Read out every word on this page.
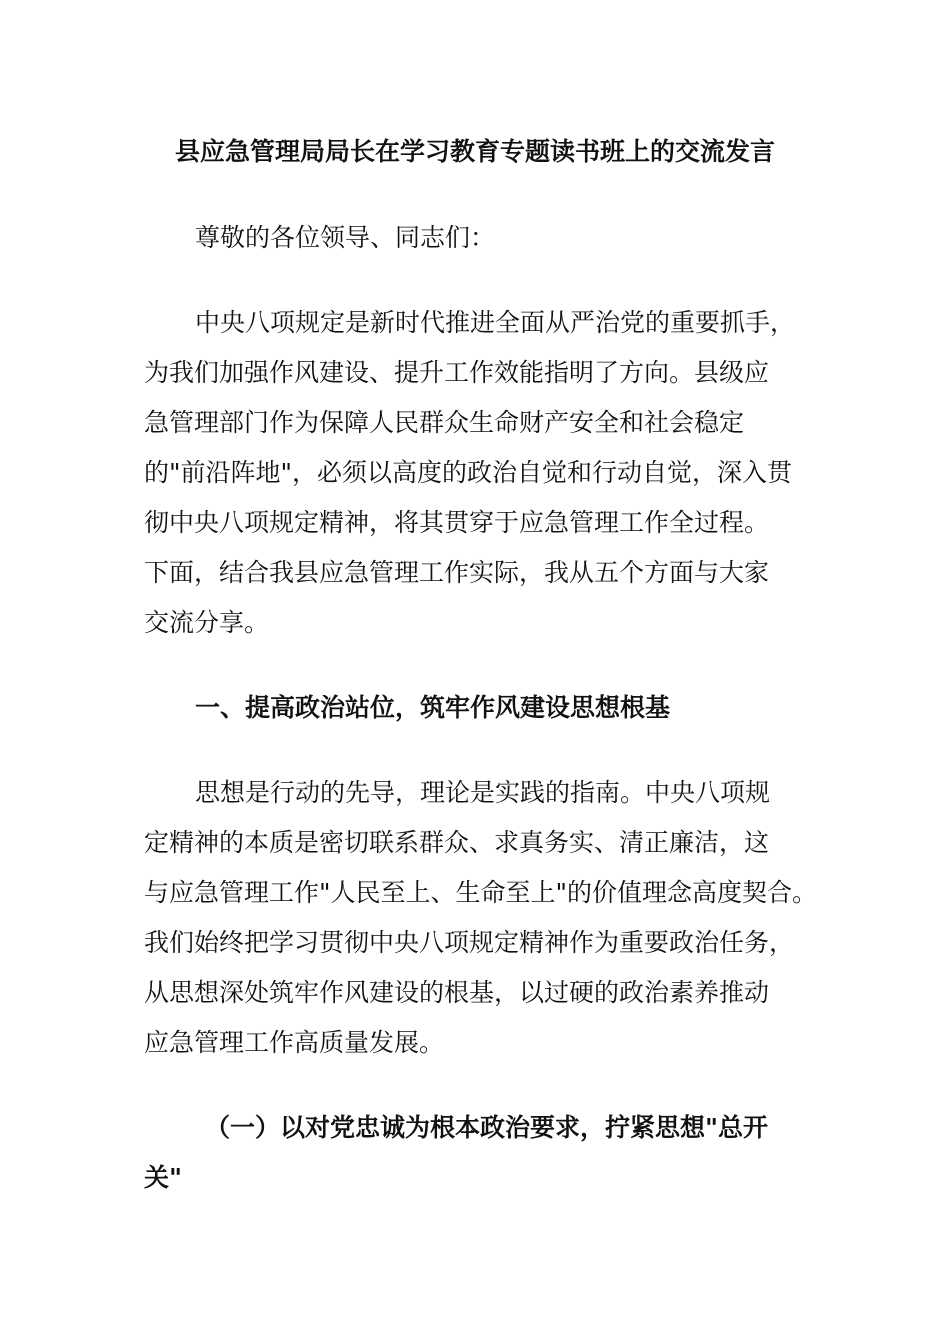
县应急管理局局长在学习教育专题读书班上的交流发言
尊敬的各位领导、同志们：
中央八项规定是新时代推进全面从严治党的重要抓手，
为我们加强作风建设、提升工作效能指明了方向。县级应
急管理部门作为保障人民群众生命财产安全和社会稳定
的"前沿阵地"，必须以高度的政治自觉和行动自觉，深入贯
彻中央八项规定精神，将其贯穿于应急管理工作全过程。
下面，结合我县应急管理工作实际，我从五个方面与大家
交流分享。
一、提高政治站位，筑牢作风建设思想根基
思想是行动的先导，理论是实践的指南。中央八项规
定精神的本质是密切联系群众、求真务实、清正廉洁，这
与应急管理工作"人民至上、生命至上"的价值理念高度契合。
我们始终把学习贯彻中央八项规定精神作为重要政治任务，
从思想深处筑牢作风建设的根基，以过硬的政治素养推动
应急管理工作高质量发展。
（一）以对党忠诚为根本政治要求，拧紧思想"总开
关"
